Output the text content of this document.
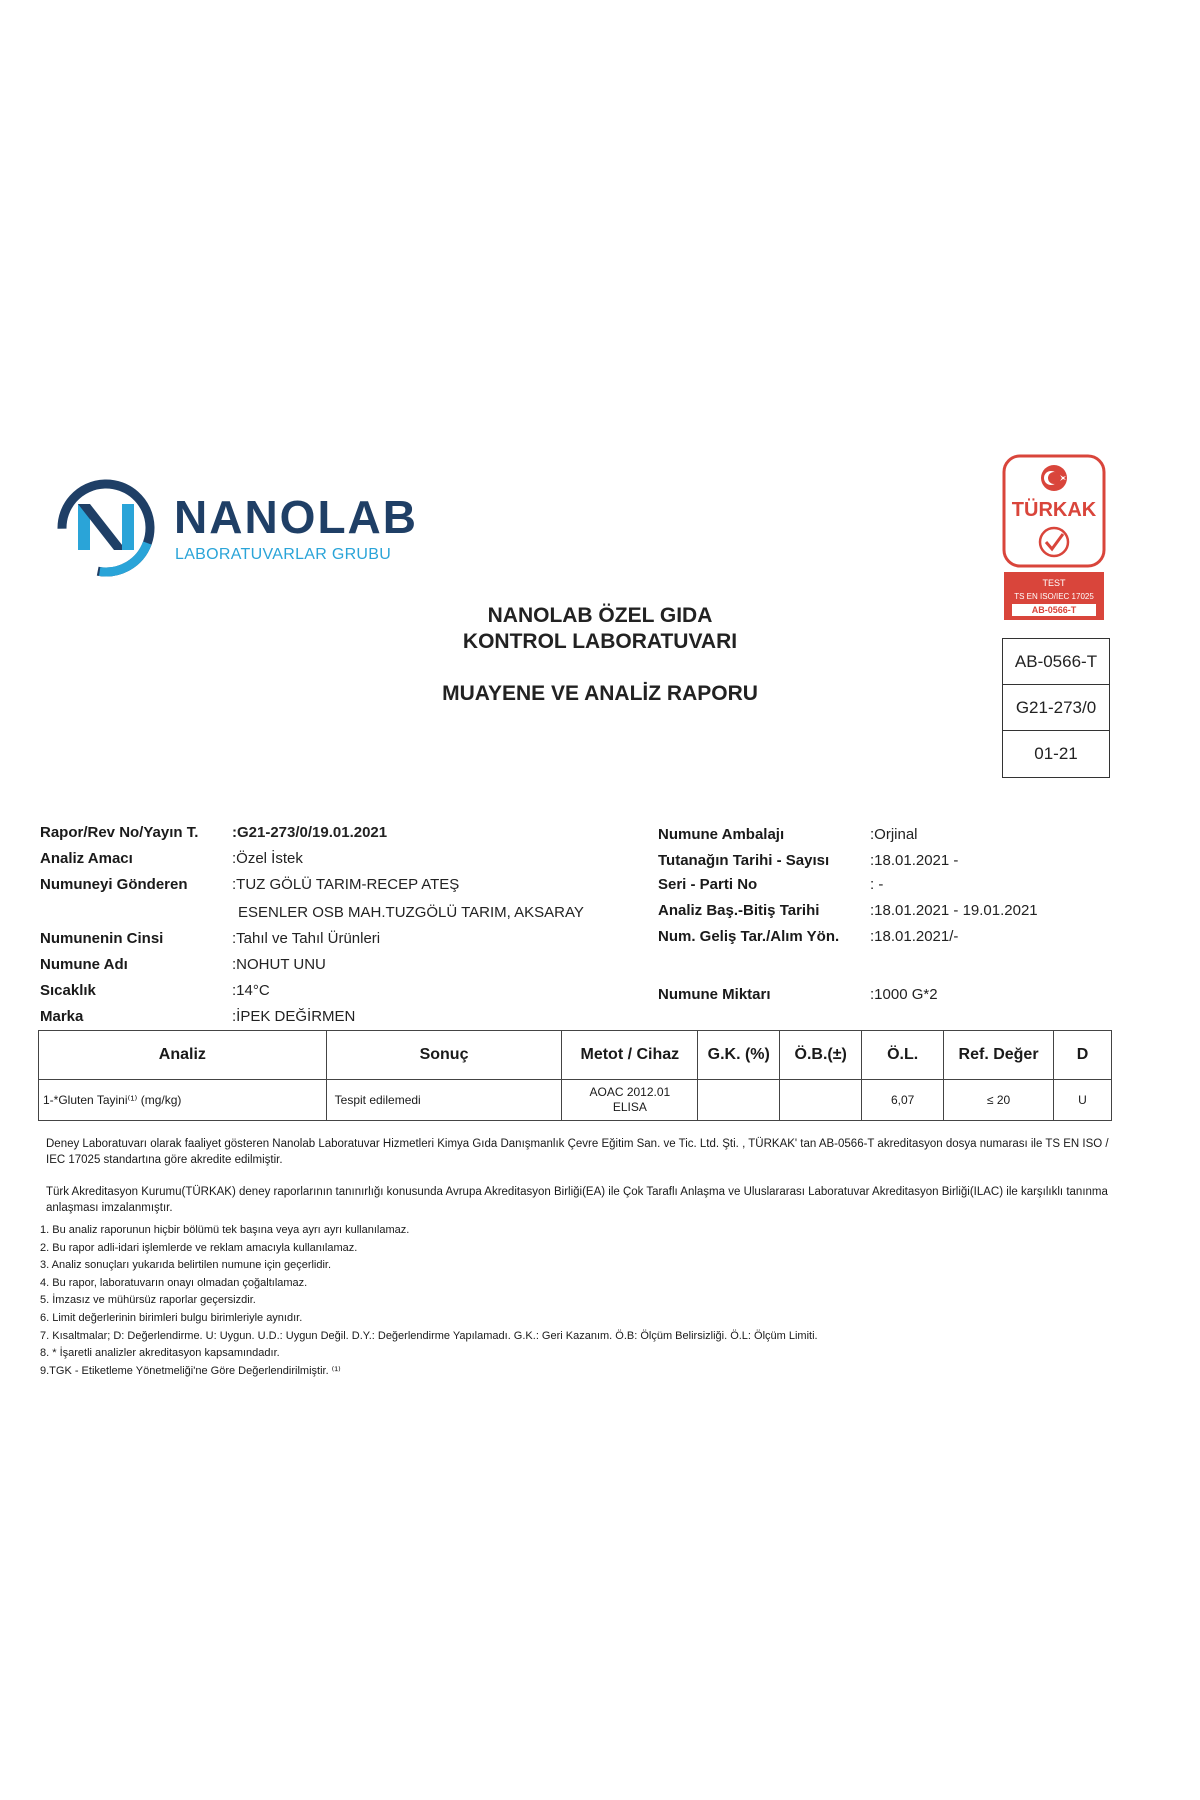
NANOLAB
LABORATUVARLAR GRUBU
NANOLAB ÖZEL GIDA
KONTROL LABORATUVARI
MUAYENE VE ANALİZ RAPORU
TÜRKAK
TEST
TS EN ISO/IEC 17025
AB-0566-T
AB-0566-T
G21-273/0
01-21
Rapor/Rev No/Yayın T. :G21-273/0/19.01.2021
Analiz Amacı	:Özel İstek
Numuneyi Gönderen	:TUZ GÖLÜ TARIM-RECEP ATEŞ
ESENLER OSB MAH.TUZGÖLÜ TARIM, AKSARAY
Numunenin Cinsi	:Tahıl ve Tahıl Ürünleri
Numune Adı	:NOHUT UNU
Sıcaklık	:14°C
Marka	:İPEK DEĞİRMEN
Numune Ambalajı	:Orjinal
Tutanağın Tarihi - Sayısı	:18.01.2021 -
Seri - Parti No	: -
Analiz Baş.-Bitiş Tarihi	:18.01.2021 - 19.01.2021
Num. Geliş Tar./Alım Yön. :18.01.2021/-
Numune Miktarı	:1000 G*2
Analiz	Sonuç	Metot / Cihaz	G.K. (%)	Ö.B.(±)	Ö.L.	Ref. Değer	D
1-*Gluten Tayini⁽¹⁾ (mg/kg)	Tespit edilemedi	AOAC 2012.01
ELISA			6,07	≤ 20	U
Deney Laboratuvarı olarak faaliyet gösteren Nanolab Laboratuvar Hizmetleri Kimya Gıda Danışmanlık Çevre Eğitim San. ve Tic. Ltd. Şti. , TÜRKAK' tan AB-0566-T akreditasyon dosya numarası ile TS EN ISO / IEC 17025 standartına göre akredite edilmiştir.
Türk Akreditasyon Kurumu(TÜRKAK) deney raporlarının tanınırlığı konusunda Avrupa Akreditasyon Birliği(EA) ile Çok Taraflı Anlaşma ve Uluslararası Laboratuvar Akreditasyon Birliği(ILAC) ile karşılıklı tanınma anlaşması imzalanmıştır.
1. Bu analiz raporunun hiçbir bölümü tek başına veya ayrı ayrı kullanılamaz.
2. Bu rapor adli-idari işlemlerde ve reklam amacıyla kullanılamaz.
3. Analiz sonuçları yukarıda belirtilen numune için geçerlidir.
4. Bu rapor, laboratuvarın onayı olmadan çoğaltılamaz.
5. İmzasız ve mühürsüz raporlar geçersizdir.
6. Limit değerlerinin birimleri bulgu birimleriyle aynıdır.
7. Kısaltmalar; D: Değerlendirme. U: Uygun. U.D.: Uygun Değil. D.Y.: Değerlendirme Yapılamadı. G.K.: Geri Kazanım. Ö.B: Ölçüm Belirsizliği. Ö.L: Ölçüm Limiti.
8. * İşaretli analizler akreditasyon kapsamındadır.
9.TGK - Etiketleme Yönetmeliği'ne Göre Değerlendirilmiştir. ⁽¹⁾
